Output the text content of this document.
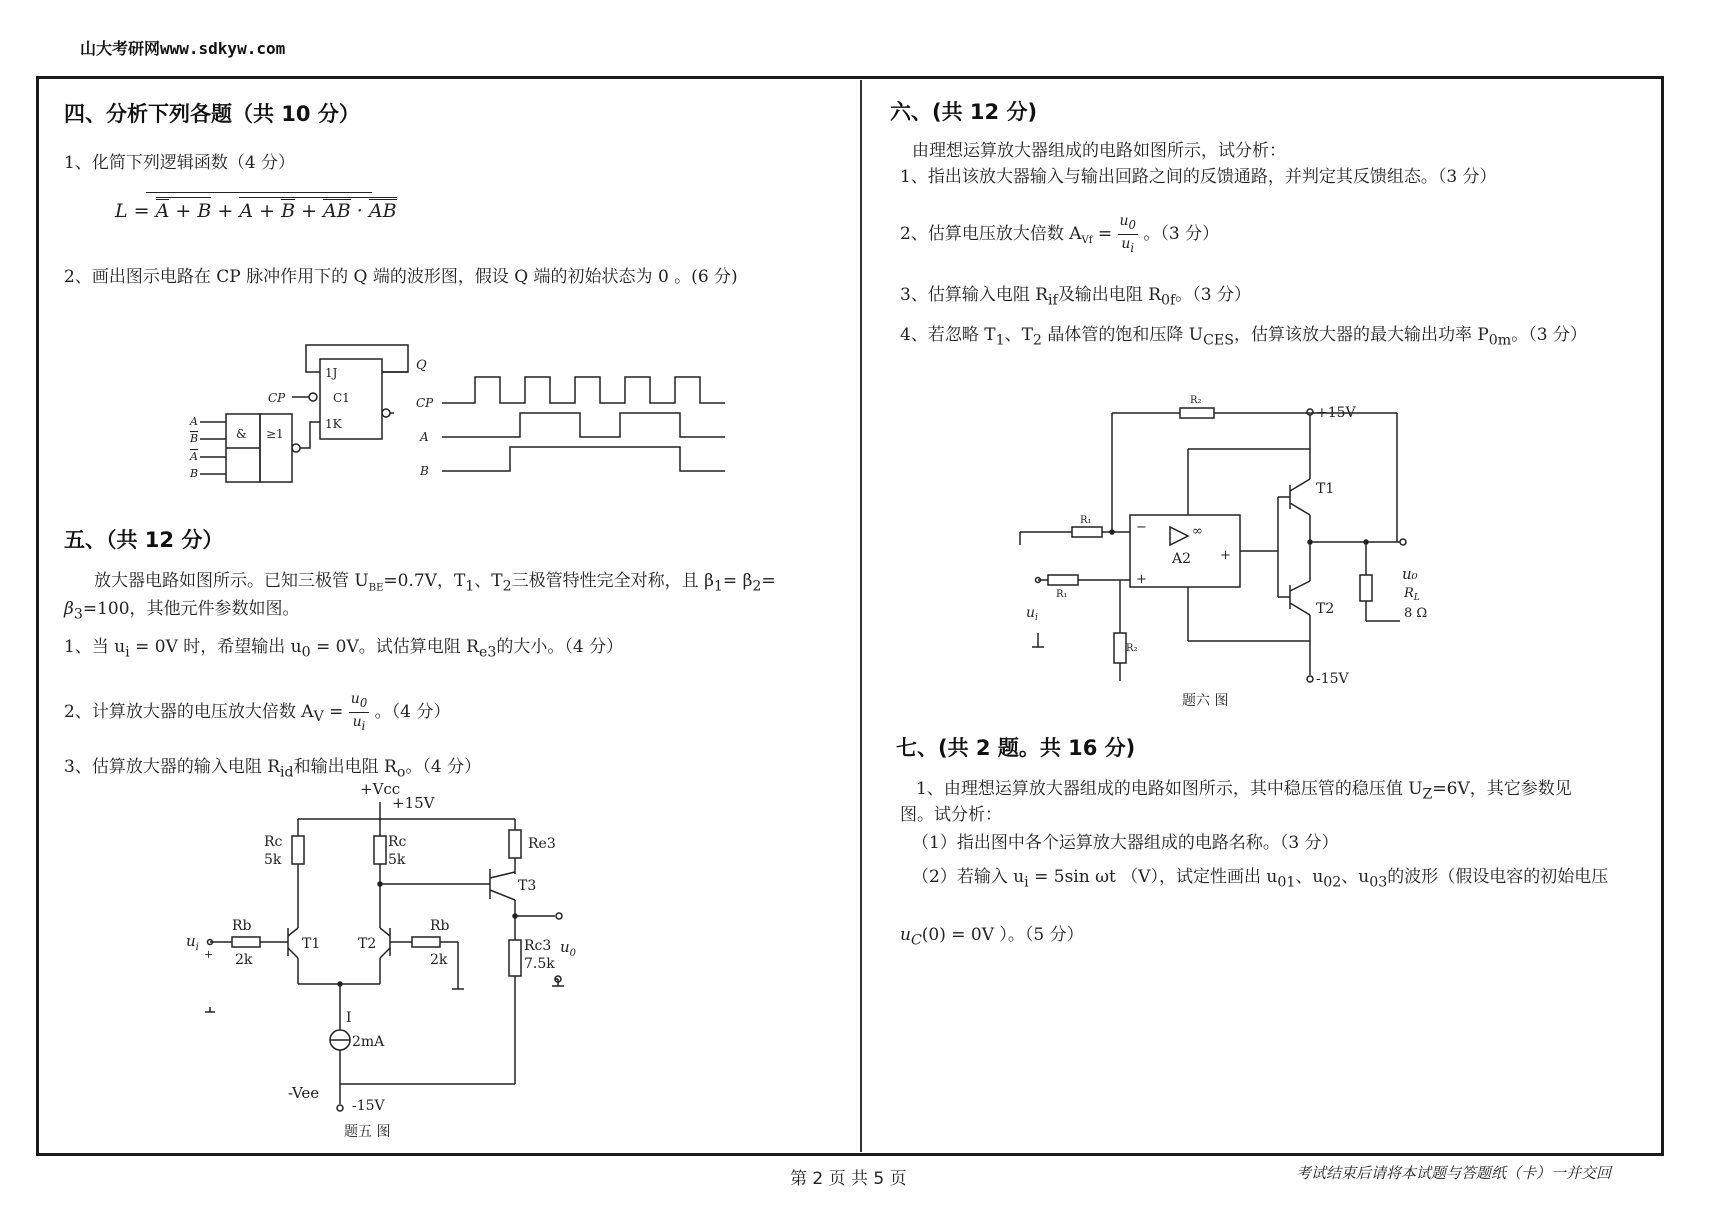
山大考研网www.sdkyw.com
四、分析下列各题（共 10 分）
1、化简下列逻辑函数（4 分）
L = A + B + A + B + AB · AB
2、画出图示电路在 CP 脉冲作用下的 Q 端的波形图，假设 Q 端的初始状态为 0 。(6 分)
Q
1J
C1
1K
CP
& ≥1
A
B
A
B
CP
A
B
五、（共 12 分）
放大器电路如图所示。已知三极管 $U_{BE}=0.7V$，$T_1$、$T_2$三极管特性完全对称，且 $\beta_1= \beta_2=$
$\beta_3=100$，其他元件参数如图。
1、当 $u_i = 0V$ 时，希望输出 $u_0 = 0V$。试估算电阻 $R_{e3}$的大小。（4 分）
2、计算放大器的电压放大倍数 $A_V = \frac{u_0}{u_i}$ 。（4 分）
3、估算放大器的输入电阻 $R_{id}$和输出电阻 $R_o$。（4 分）
+Vcc
+15V
Rc
5k
Rc
5k
Re3
T3
Rb
2k
Rb
2k
T1	T2	Rc3
7.5k
$u_i$	$u_0$
+
I
2mA
-Vee
-15V
题五 图
六、(共 12 分)
由理想运算放大器组成的电路如图所示，试分析：
1、指出该放大器输入与输出回路之间的反馈通路，并判定其反馈组态。（3 分）
2、估算电压放大倍数 $A_{Vf} = \frac{u_0}{u_i}$ 。（3 分）
3、估算输入电阻 $R_{if}$及输出电阻 $R_{0f}$。（3 分）
4、若忽略 $T_1$、$T_2$ 晶体管的饱和压降 $U_{CES}$，估算该放大器的最大输出功率 $P_{0m}$。（3 分）
R₂
+15V
T1
T2
R₁
R₁
A2
∞
−
+
+
u₀
$R_L$
8 Ω
-15V
R₂
$u_i$
题六 图
七、(共 2 题。共 16 分)
1、由理想运算放大器组成的电路如图所示，其中稳压管的稳压值 $U_Z=6V$，其它参数见
图。试分析：
（1）指出图中各个运算放大器组成的电路名称。（3 分）
（2）若输入 $u_i = 5\sin$ ωt （V），试定性画出 $u_{01}$、$u_{02}$、$u_{03}$的波形（假设电容的初始电压
$u_C(0) = 0V$ ）。（5 分）
第 2 页 共 5 页	考试结束后请将本试题与答题纸（卡）一并交回
